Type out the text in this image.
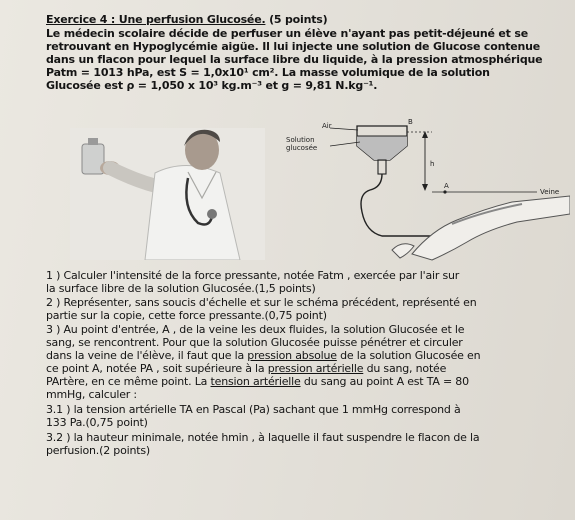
Exercice 4 : Une perfusion Glucosée. (5 points)
Le médecin scolaire décide de perfuser un élève n'ayant pas petit-déjeuné et se
retrouvant en Hypoglycémie aigüe. Il lui injecte une solution de Glucose contenue
dans un flacon pour lequel la surface libre du liquide, à la pression atmosphérique
Patm = 1013 hPa, est S = 1,0x10¹ cm². La masse volumique de la solution
Glucosée est ρ = 1,050 x 10³ kg.m⁻³ et g = 9,81 N.kg⁻¹.
Air
Solution
glucosée
B
h
A
Veine
1 ) Calculer l'intensité de la force pressante, notée Fatm , exercée par l'air sur
la surface libre de la solution Glucosée.(1,5 points)
2 ) Représenter, sans soucis d'échelle et sur le schéma précédent, représenté en
partie sur la copie, cette force pressante.(0,75 point)
3 ) Au point d'entrée, A , de la veine les deux fluides, la solution Glucosée et le
sang, se rencontrent. Pour que la solution Glucosée puisse pénétrer et circuler
dans la veine de l'élève, il faut que la pression absolue de la solution Glucosée en
ce point A, notée PA , soit supérieure à la pression artérielle du sang, notée
PArtère, en ce même point. La tension artérielle du sang au point A est TA = 80
mmHg, calculer :
3.1 ) la tension artérielle TA en Pascal (Pa) sachant que 1 mmHg correspond à
133 Pa.(0,75 point)
3.2 ) la hauteur minimale, notée hmin , à laquelle il faut suspendre le flacon de la
perfusion.(2 points)
